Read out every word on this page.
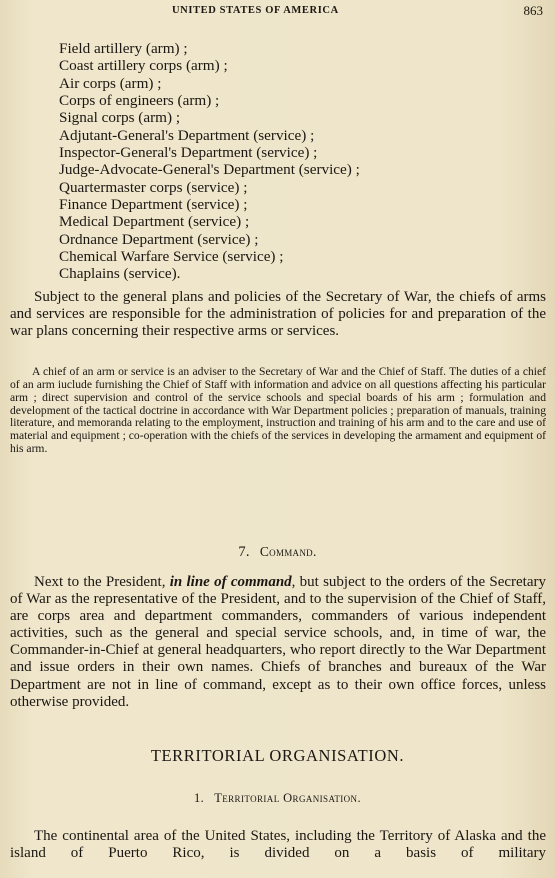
UNITED STATES OF AMERICA	863
Field artillery (arm) ;
Coast artillery corps (arm) ;
Air corps (arm) ;
Corps of engineers (arm) ;
Signal corps (arm) ;
Adjutant-General's Department (service) ;
Inspector-General's Department (service) ;
Judge-Advocate-General's Department (service) ;
Quartermaster corps (service) ;
Finance Department (service) ;
Medical Department (service) ;
Ordnance Department (service) ;
Chemical Warfare Service (service) ;
Chaplains (service).

Subject to the general plans and policies of the Secretary of War, the chiefs of arms and services are responsible for the administration of policies for and preparation of the war plans concerning their respective arms or services.

A chief of an arm or service is an adviser to the Secretary of War and the Chief of Staff. The duties of a chief of an arm iuclude furnishing the Chief of Staff with information and advice on all questions affecting his particular arm ; direct supervision and control of the service schools and special boards of his arm ; formulation and development of the tactical doctrine in accordance with War Department policies ; preparation of manuals, training literature, and memoranda relating to the employment, instruction and training of his arm and to the care and use of material and equipment ; co-operation with the chiefs of the services in developing the armament and equipment of his arm.

7. Command.

Next to the President, in line of command, but subject to the orders of the Secretary of War as the representative of the President, and to the supervision of the Chief of Staff, are corps area and department commanders, commanders of various independent activities, such as the general and special service schools, and, in time of war, the Commander-in-Chief at general headquarters, who report directly to the War Department and issue orders in their own names. Chiefs of branches and bureaux of the War Department are not in line of command, except as to their own office forces, unless otherwise provided.

TERRITORIAL ORGANISATION.
1. Territorial Organisation.

The continental area of the United States, including the Territory of Alaska and the island of Puerto Rico, is divided on a basis of military
